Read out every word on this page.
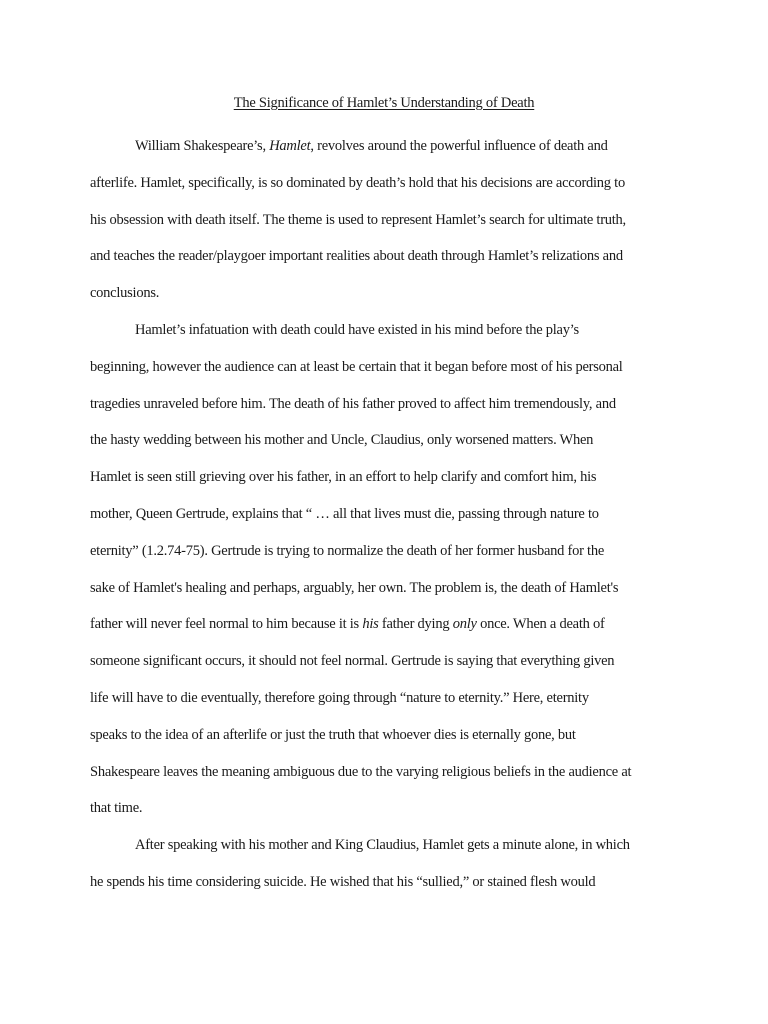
The Significance of Hamlet’s Understanding of Death

William Shakespeare’s, Hamlet, revolves around the powerful influence of death and
afterlife. Hamlet, specifically, is so dominated by death’s hold that his decisions are according to
his obsession with death itself. The theme is used to represent Hamlet’s search for ultimate truth,
and teaches the reader/playgoer important realities about death through Hamlet’s relizations and
conclusions.

Hamlet’s infatuation with death could have existed in his mind before the play’s
beginning, however the audience can at least be certain that it began before most of his personal
tragedies unraveled before him. The death of his father proved to affect him tremendously, and
the hasty wedding between his mother and Uncle, Claudius, only worsened matters. When
Hamlet is seen still grieving over his father, in an effort to help clarify and comfort him, his
mother, Queen Gertrude, explains that “ … all that lives must die, passing through nature to
eternity” (1.2.74-75). Gertrude is trying to normalize the death of her former husband for the
sake of Hamlet's healing and perhaps, arguably, her own. The problem is, the death of Hamlet's
father will never feel normal to him because it is his father dying only once. When a death of
someone significant occurs, it should not feel normal. Gertrude is saying that everything given
life will have to die eventually, therefore going through “nature to eternity.” Here, eternity
speaks to the idea of an afterlife or just the truth that whoever dies is eternally gone, but
Shakespeare leaves the meaning ambiguous due to the varying religious beliefs in the audience at
that time.

After speaking with his mother and King Claudius, Hamlet gets a minute alone, in which
he spends his time considering suicide. He wished that his “sullied,” or stained flesh would
